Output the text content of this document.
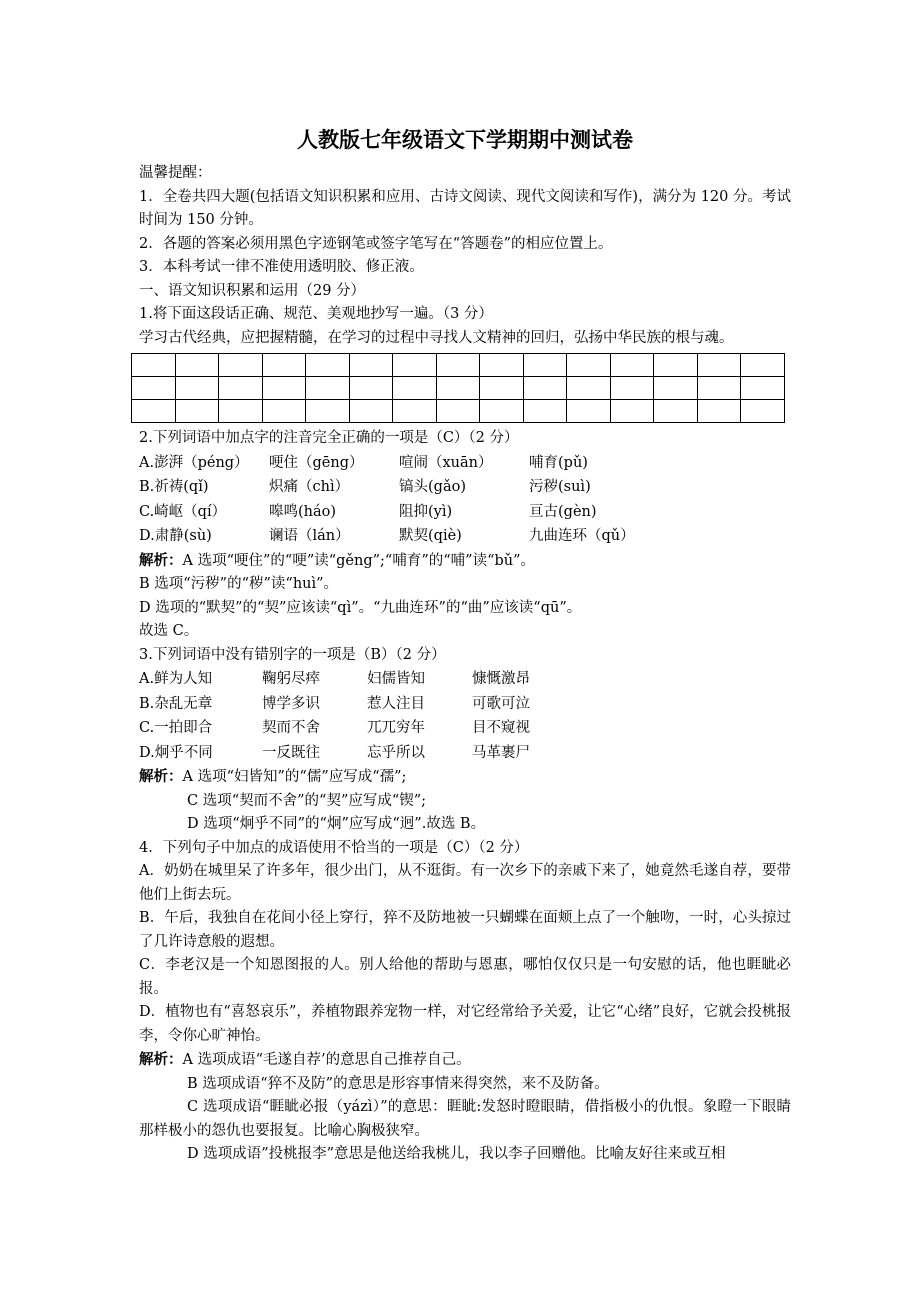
人教版七年级语文下学期期中测试卷

温馨提醒：

1．全卷共四大题(包括语文知识积累和应用、古诗文阅读、现代文阅读和写作)，满分为 120 分。考试时间为 150 分钟。

2．各题的答案必须用黑色字迹钢笔或签字笔写在“答题卷”的相应位置上。

3．本科考试一律不准使用透明胶、修正液。

一、语文知识积累和运用（29 分）

1.将下面这段话正确、规范、美观地抄写一遍。（3 分）

学习古代经典，应把握精髓，在学习的过程中寻找人文精神的回归，弘扬中华民族的根与魂。

2.下列词语中加点字的注音完全正确的一项是（C）（2 分）

A.澎湃（péng）	哽住（gēng）	喧闹（xuān）	哺育(pǔ)
B.祈祷(qǐ)	炽痛（chì）	镐头(gǎo)	污秽(suì)
C.崎岖（qí）	嗥鸣(háo)	阻抑(yì)	亘古(gèn)
D.肃静(sù)	谰语（lán）	默契(qiè)	九曲连环（qǔ）

解析：A 选项“哽住”的“哽”读“gěng”;“哺育”的“哺”读“bǔ”。

B 选项“污秽”的“秽”读“huì”。

D 选项的“默契”的“契”应该读“qì”。“九曲连环”的“曲”应该读“qū”。

故选 C。

3.下列词语中没有错别字的一项是（B）（2 分）

A.鲜为人知	鞠躬尽瘁	妇儒皆知	慷慨激昂
B.杂乱无章	博学多识	惹人注目	可歌可泣
C.一拍即合	契而不舍	兀兀穷年	目不窥视
D.炯乎不同	一反既往	忘乎所以	马革裹尸

解析：A 选项“妇皆知”的“儒”应写成“孺”;

C 选项“契而不舍”的“契”应写成“锲”;

D 选项“炯乎不同”的“炯”应写成“迥”.故选 B。

4．下列句子中加点的成语使用不恰当的一项是（C）（2 分）

A．奶奶在城里呆了许多年，很少出门，从不逛街。有一次乡下的亲戚下来了，她竟然毛遂自荐，要带他们上街去玩。

B．午后，我独自在花间小径上穿行，猝不及防地被一只蝴蝶在面颊上点了一个触吻，一时，心头掠过了几许诗意般的遐想。

C．李老汉是一个知恩图报的人。别人给他的帮助与恩惠，哪怕仅仅只是一句安慰的话，他也睚眦必报。

D．植物也有“喜怒哀乐”，养植物跟养宠物一样，对它经常给予关爱，让它“心绪”良好，它就会投桃报李，令你心旷神怡。

解析：A 选项成语“毛遂自荐’的意思自己推荐自己。

B 选项成语“猝不及防”的意思是形容事情来得突然，来不及防备。

C 选项成语“睚眦必报（yázì）”的意思：睚眦:发怒时瞪眼睛，借指极小的仇恨。象瞪一下眼睛那样极小的怨仇也要报复。比喻心胸极狭窄。

D 选项成语”投桃报李”意思是他送给我桃儿，我以李子回赠他。比喻友好往来或互相
